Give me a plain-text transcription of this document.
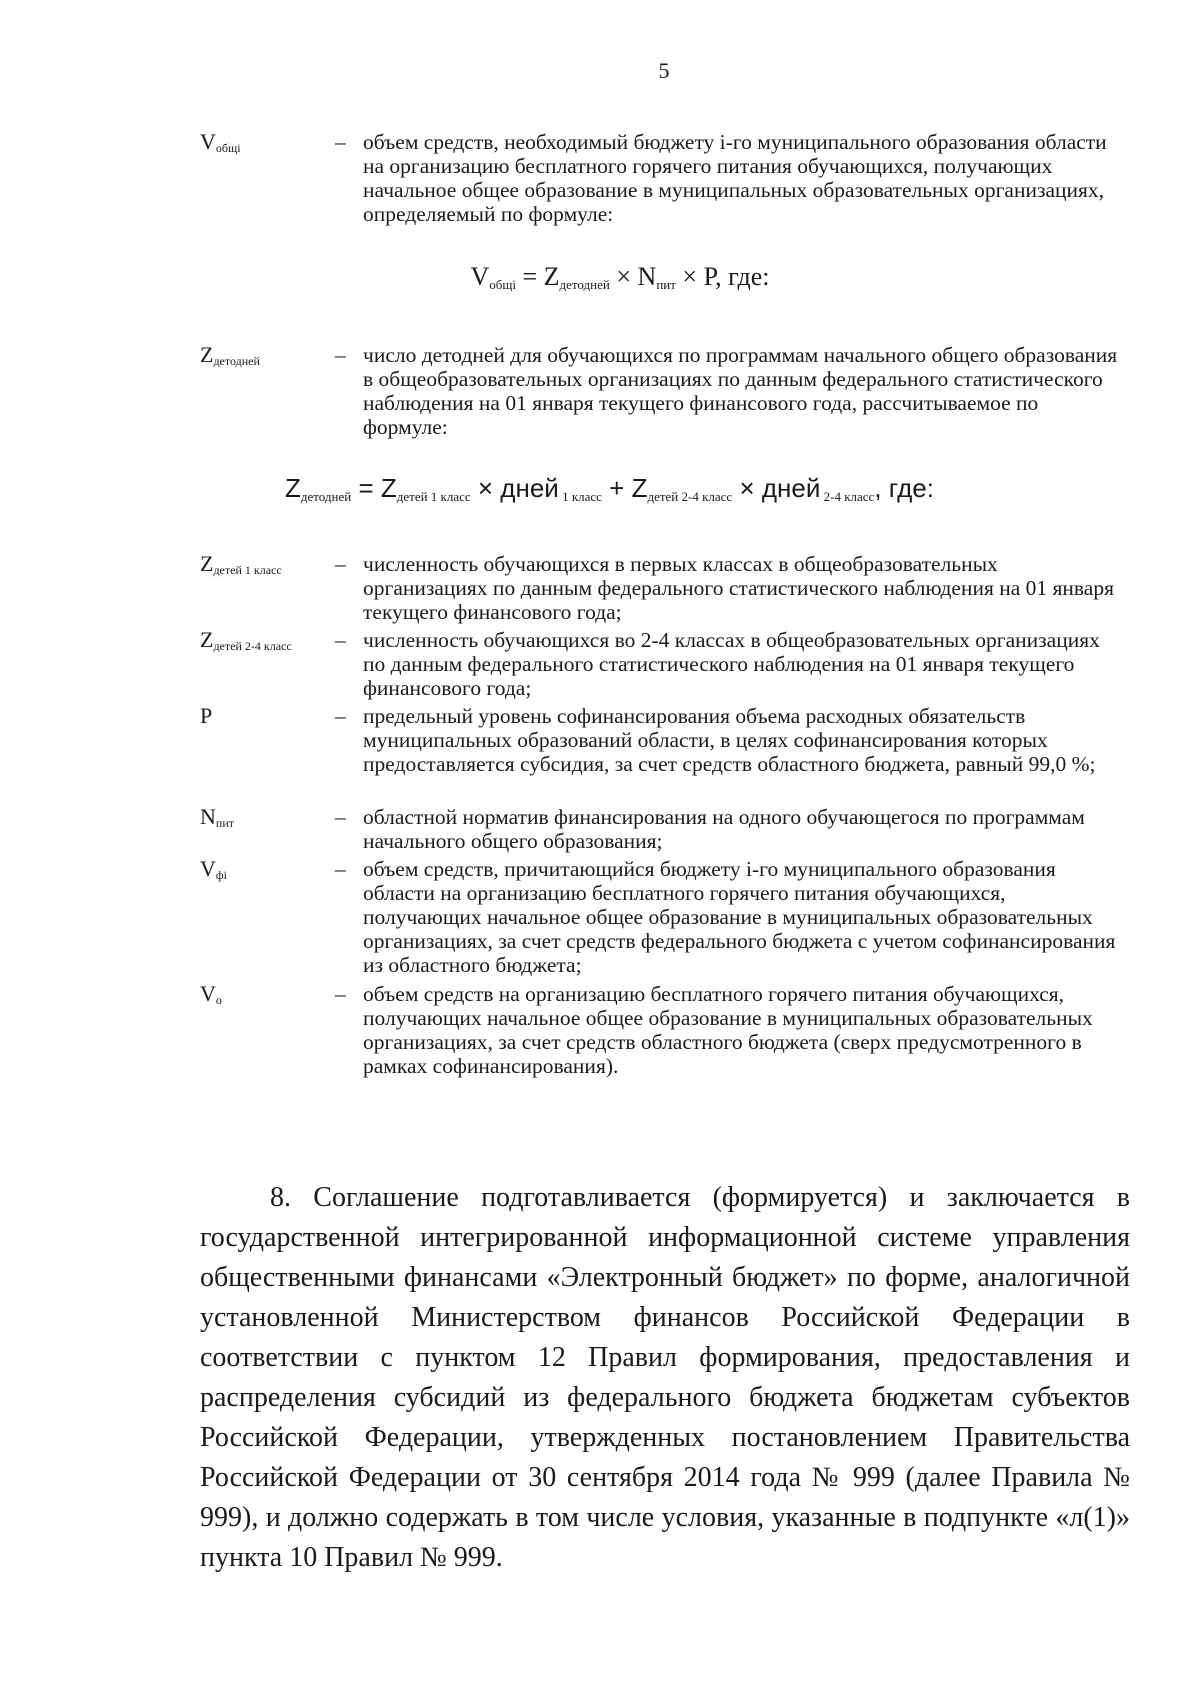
5
$V_{общi}$	– объем средств, необходимый бюджету i-го муниципального образования области на организацию бесплатного горячего питания обучающихся, получающих начальное общее образование в муниципальных образовательных организациях, определяемый по формуле:
$V_{общi} = Z_{детодней} \times N_{пит} \times P$, где:
$Z_{детодней}$	– число детодней для обучающихся по программам начального общего образования в общеобразовательных организациях по данным федерального статистического наблюдения на 01 января текущего финансового года, рассчитываемое по формуле:
$Z_{детодней} = Z_{детей 1 класс}$ × дней $_{1 класс} + Z_{детей 2-4 класс}$ × дней $_{2-4 класс}$, где:
$Z_{детей 1 класс}$	– численность обучающихся в первых классах в общеобразовательных организациях по данным федерального статистического наблюдения на 01 января текущего финансового года;
$Z_{детей 2-4 класс}$	– численность обучающихся во 2-4 классах в общеобразовательных организациях по данным федерального статистического наблюдения на 01 января текущего финансового года;
P	– предельный уровень софинансирования объема расходных обязательств муниципальных образований области, в целях софинансирования которых предоставляется субсидия, за счет средств областного бюджета, равный 99,0 %;
$N_{пит}$	– областной норматив финансирования на одного обучающегося по программам начального общего образования;
$V_{фi}$	– объем средств, причитающийся бюджету i-го муниципального образования области на организацию бесплатного горячего питания обучающихся, получающих начальное общее образование в муниципальных образовательных организациях, за счет средств федерального бюджета с учетом софинансирования из областного бюджета;
$V_о$	– объем средств на организацию бесплатного горячего питания обучающихся, получающих начальное общее образование в муниципальных образовательных организациях, за счет средств областного бюджета (сверх предусмотренного в рамках софинансирования).
8. Соглашение подготавливается (формируется) и заключается в государственной интегрированной информационной системе управления общественными финансами «Электронный бюджет» по форме, аналогичной установленной Министерством финансов Российской Федерации в соответствии с пунктом 12 Правил формирования, предоставления и распределения субсидий из федерального бюджета бюджетам субъектов Российской Федерации, утвержденных постановлением Правительства Российской Федерации от 30 сентября 2014 года № 999 (далее Правила № 999), и должно содержать в том числе условия, указанные в подпункте «л(1)» пункта 10 Правил № 999.
